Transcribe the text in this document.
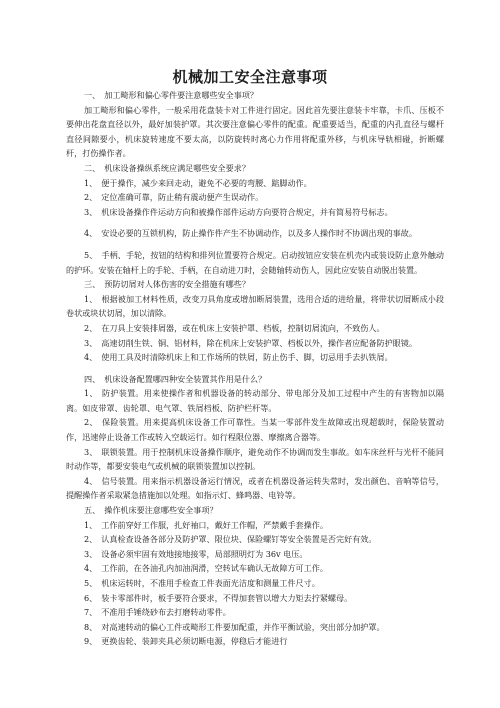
机械加工安全注意事项

一、　加工畸形和偏心零件要注意哪些安全事项？

加工畸形和偏心零件，一般采用花盘装卡对工件进行固定。因此首先要注意装卡牢靠，卡爪、压板不要伸出花盘直径以外，最好加装护罩。其次要注意偏心零件的配重。配重要适当，配重的内孔直径与螺杆直径间隙要小，机床旋转速度不要太高，以防旋转时离心力作用将配重外移，与机床导轨相碰，折断螺杆，打伤操作者。

二、　机床设备操纵系统应满足哪些安全要求？

1、　便于操作，减少来回走动，避免不必要的弯腰、踮脚动作。

2、　定位准确可靠，防止稍有震动便产生误动作。

3、　机床设备操作件运动方向和被操作部件运动方向要符合规定，并有简易符号标志。

4、　安设必要的互锁机构，防止操作件产生不协调动作，以及多人操作时不协调出现的事故。

5、　手柄、手轮，按钮的结构和排列位置要符合规定。启动按钮应安装在机壳内或装设防止意外触动的护环。安装在轴杆上的手轮、手柄，在自动进刀时，会随轴转动伤人，因此应安装自动脱出装置。

三、　预防切屑对人体伤害的安全措施有哪些？

1、　根据被加工材料性质，改变刀具角度或增加断屑装置，选用合适的进给量，将带状切屑断成小段卷状或块状切屑，加以清除。

2、　在刀具上安装排屑器，或在机床上安装护罩、档板，控制切屑流向，不致伤人。

3、　高速切削生铁、铜、铝材料，除在机床上安装护罩、档板以外，操作者应配备防护眼镜。

4、　使用工具及时清除机床上和工作场所的铁屑，防止伤手、脚，切忌用手去扒铁屑。

四、　机床设备配置哪四种安全装置其作用是什么？

1、　防护装置。用来使操作者和机器设备的转动部分、带电部分及加工过程中产生的有害物加以隔离。如皮带罩、齿轮罩、电气罩、铁屑档板、防护栏杆等。

2、　保险装置。用来提高机床设备工作可靠性。当某一零部件发生故障或出现超载时，保险装置动作，迅速停止设备工作或转入空载运行。如行程限位器、摩擦离合器等。

3、　联锁装置。用于控制机床设备操作顺序，避免动作不协调而发生事故。如车床丝杆与光杆不能同时动作等，都要安装电气或机械的联锁装置加以控制。

4、　信号装置。用来指示机器设备运行情况，或者在机器设备运转失常时，发出颜色、音响等信号，提醒操作者采取紧急措施加以处理。如指示灯、蜂鸣器、电铃等。

五、　操作机床要注意哪些安全事项？

1、　工作前穿好工作服，扎好袖口，戴好工作帽，严禁戴手套操作。

2、　认真检查设备各部分及防护罩、限位块、保险螺钉等安全装置是否完好有效。

3、　设备必须牢固有效地接地接零，局部照明灯为 36v 电压。

4、　工作前，在各油孔内加油润滑，空转试车确认无故障方可工作。

5、　机床运转时，不准用手检查工件表面光洁度和测量工件尺寸。

6、　装卡零部件时，板手要符合要求，不得加套管以增大力矩去拧紧螺母。

7、　不准用手锤绕砂布去打磨转动零件。

8、　对高速转动的偏心工件或畸形工件要加配重，并作平衡试验，突出部分加护罩。

9、　更换齿轮、装卸夹具必须切断电源，停稳后才能进行
